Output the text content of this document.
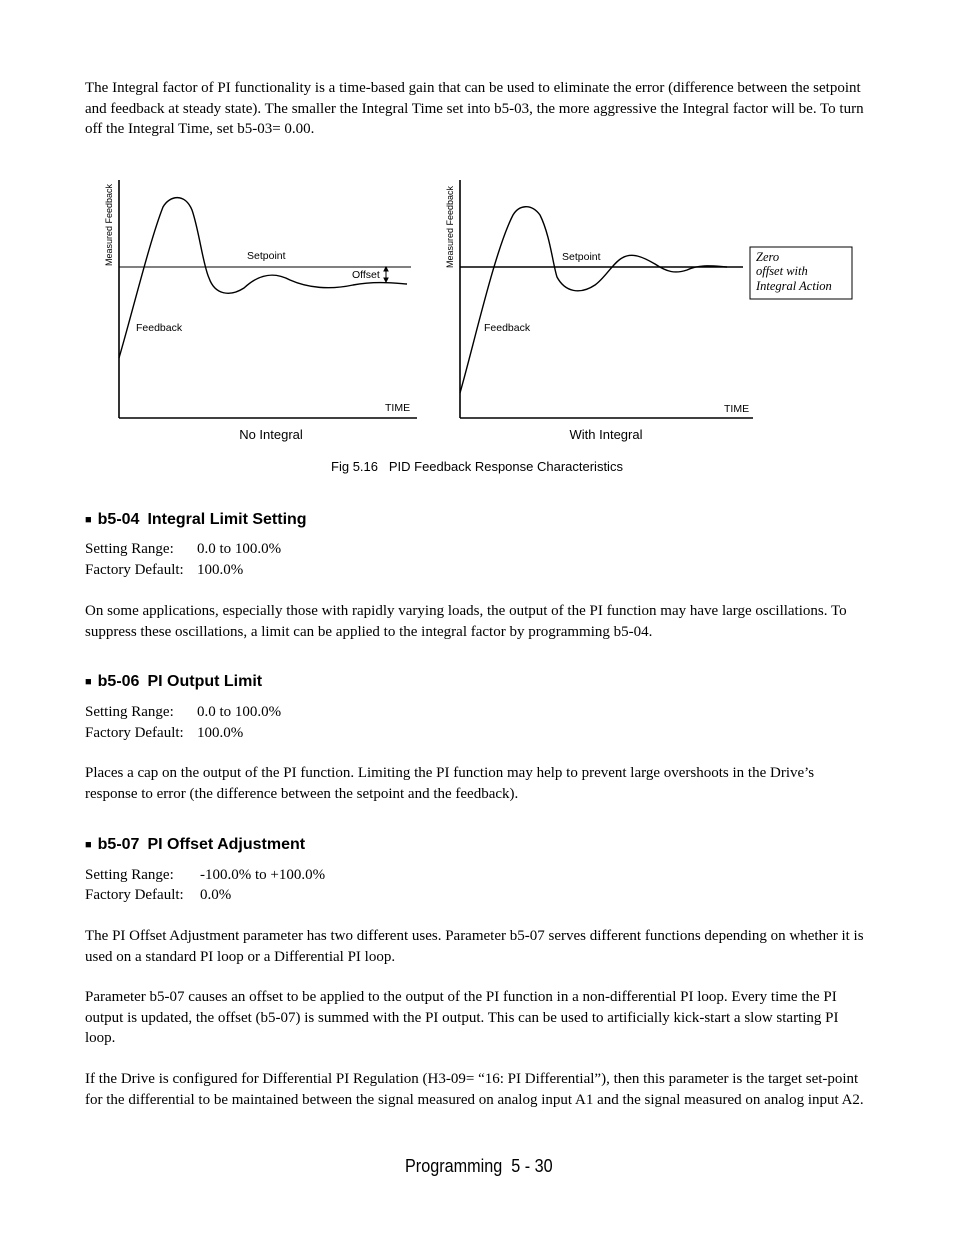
The Integral factor of PI functionality is a time-based gain that can be used to eliminate the error (difference between the setpoint and feedback at steady state). The smaller the Integral Time set into b5-03, the more aggressive the Integral factor will be. To turn off the Integral Time, set b5-03= 0.00.

Measured Feedback	Setpoint
Offset
Feedback
TIME
No Integral
Measured Feedback	Setpoint
Feedback
TIME
With Integral
Zero
offset with
Integral Action
Fig 5.16   PID Feedback Response Characteristics
■ b5-04 Integral Limit Setting
Setting Range: 0.0 to 100.0%
Factory Default: 100.0%

On some applications, especially those with rapidly varying loads, the output of the PI function may have large oscillations. To suppress these oscillations, a limit can be applied to the integral factor by programming b5-04.

■ b5-06 PI Output Limit
Setting Range: 0.0 to 100.0%
Factory Default: 100.0%

Places a cap on the output of the PI function. Limiting the PI function may help to prevent large overshoots in the Drive’s response to error (the difference between the setpoint and the feedback).

■ b5-07 PI Offset Adjustment
Setting Range: -100.0% to +100.0%
Factory Default: 0.0%

The PI Offset Adjustment parameter has two different uses. Parameter b5-07 serves different functions depending on whether it is used on a standard PI loop or a Differential PI loop.

Parameter b5-07 causes an offset to be applied to the output of the PI function in a non-differential PI loop. Every time the PI output is updated, the offset (b5-07) is summed with the PI output. This can be used to artificially kick-start a slow starting PI loop.

If the Drive is configured for Differential PI Regulation (H3-09= “16: PI Differential”), then this parameter is the target set-point for the differential to be maintained between the signal measured on analog input A1 and the signal measured on analog input A2.

Programming  5 - 30
